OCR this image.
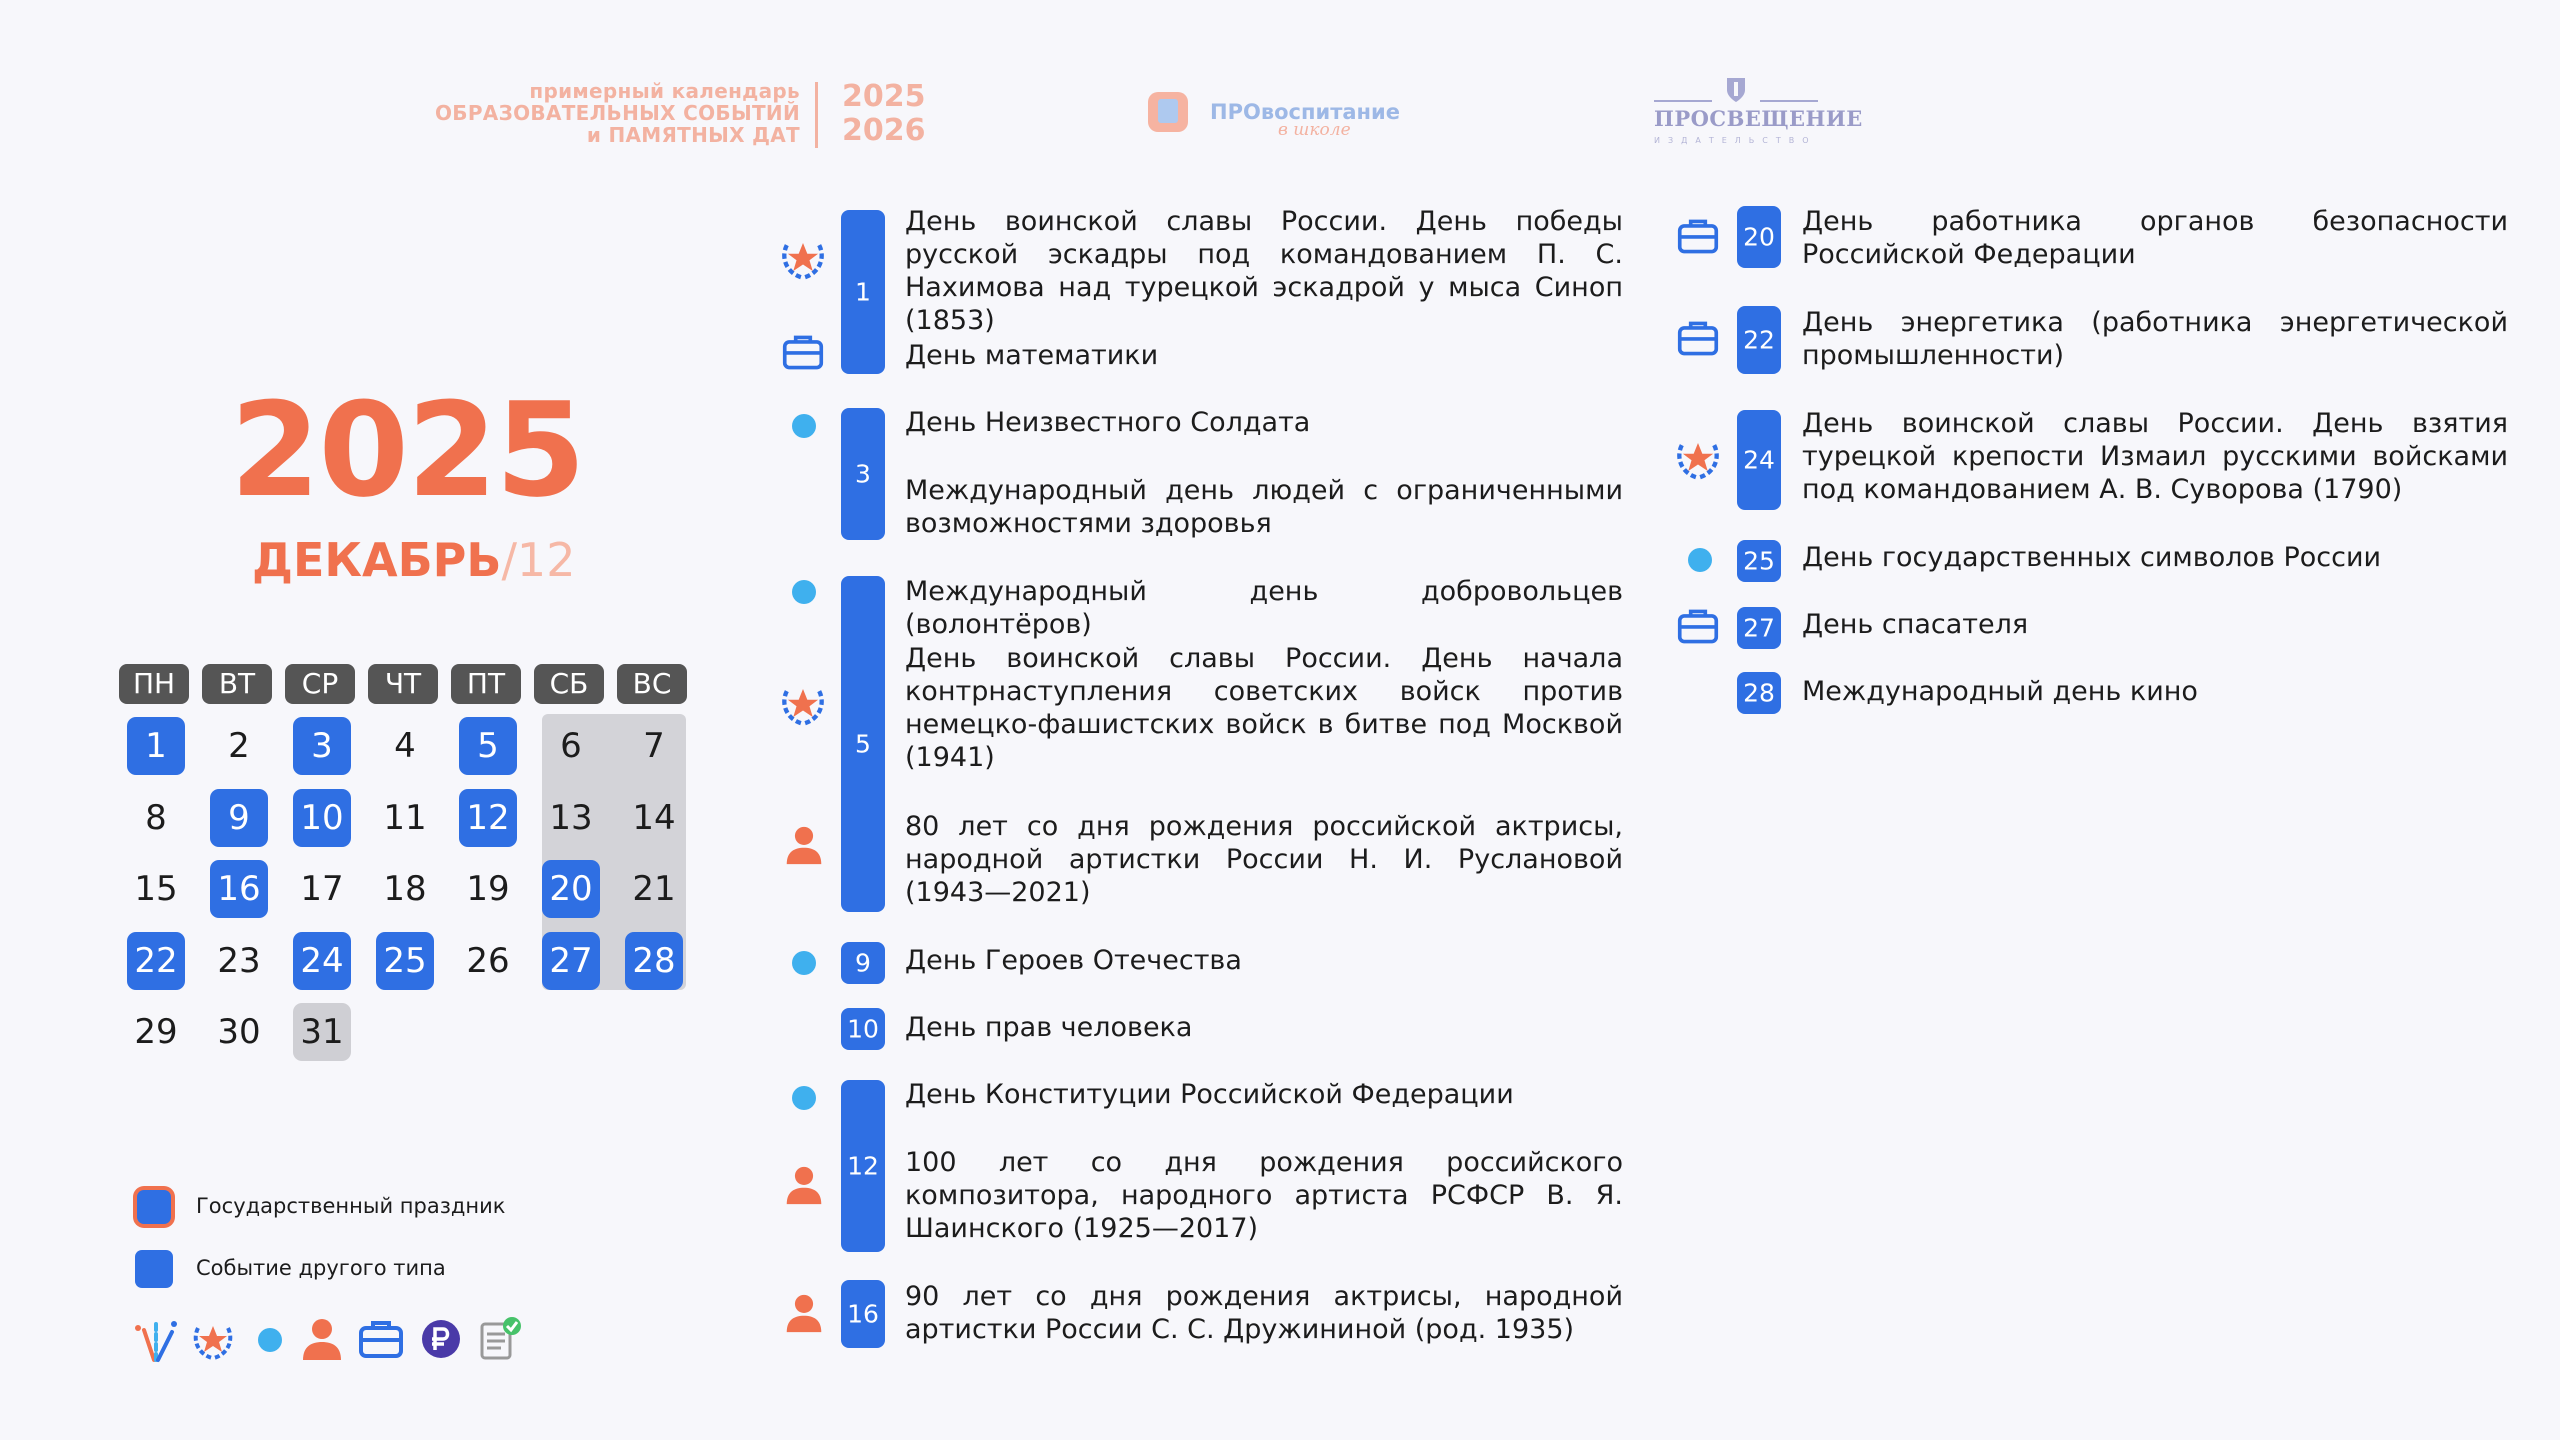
примерный календарь
ОБРАЗОВАТЕЛЬНЫХ СОБЫТИЙ
и ПАМЯТНЫХ ДАТ
2025
2026
ПРОвоспитание
в школе	ПРОСВЕЩЕНИЕ
ИЗДАТЕЛЬСТВО
2025
ДЕКАБРЬ/12
ПН	ВТ	СР	ЧТ	ПТ	СБ	ВС
1	2	3	4	5	6	7
8	9	10 11 12 13 14
15 16 17 18 19 20 21
22 23 24 25 26 27 28
29 30 31
Государственный праздник
Событие другого типа
1
День воинской славы России. День победы русской эскадры под командованием П. С. Нахимова над турецкой эскадрой у мыса Синоп (1853)
День математики
3
День Неизвестного Солдата
Международный день людей с ограниченными возможностями здоровья
5
Международный день добровольцев (волонтёров)
День воинской славы России. День начала контрнаступления советских войск против немецко-фашистских войск в битве под Москвой (1941)
80 лет со дня рождения российской актрисы, народной артистки России Н. И. Руслановой (1943—2021)
9	День Героев Отечества
10 День прав человека
12
День Конституции Российской Федерации
100 лет со дня рождения российского композитора, народного артиста РСФСР В. Я. Шаинского (1925—2017)
16
90 лет со дня рождения актрисы, народной артистки России С. С. Дружининой (род. 1935)
20 День работника органов безопасности Российской Федерации
22
День энергетика (работника энергетической промышленности)
24
День воинской славы России. День взятия турецкой крепости Измаил русскими войсками под командованием А. В. Суворова (1790)
25 День государственных символов России
27 День спасателя
28 Международный день кино
